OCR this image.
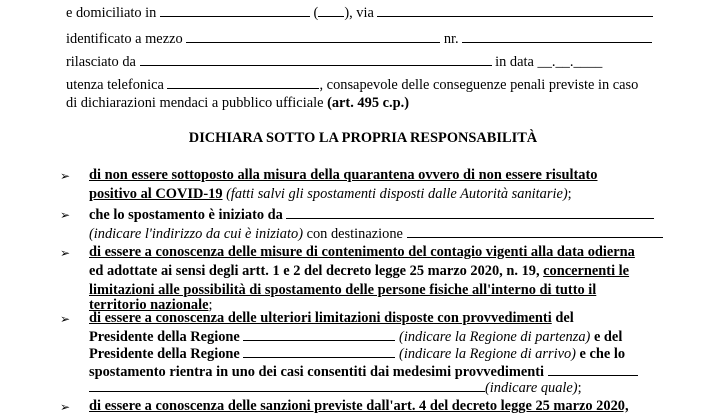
e domiciliato in	( ), via
identificato a mezzo	nr.
rilasciato da	in data __.__.____
utenza telefonica	, consapevole delle conseguenze penali previste in caso
di dichiarazioni mendaci a pubblico ufficiale (art. 495 c.p.)
DICHIARA SOTTO LA PROPRIA RESPONSABILITÀ
➢ di non essere sottoposto alla misura della quarantena ovvero di non essere risultato
positivo al COVID-19 (fatti salvi gli spostamenti disposti dalle Autorità sanitarie);
➢ che lo spostamento è iniziato da
(indicare l'indirizzo da cui è iniziato) con destinazione
➢ di essere a conoscenza delle misure di contenimento del contagio vigenti alla data odierna
ed adottate ai sensi degli artt. 1 e 2 del decreto legge 25 marzo 2020, n. 19, concernenti le
limitazioni alle possibilità di spostamento delle persone fisiche all'interno di tutto il
territorio nazionale;
➢ di essere a conoscenza delle ulteriori limitazioni disposte con provvedimenti del
Presidente della Regione	(indicare la Regione di partenza) e del
Presidente della Regione	(indicare la Regione di arrivo) e che lo
spostamento rientra in uno dei casi consentiti dai medesimi provvedimenti
(indicare quale);
➢ di essere a conoscenza delle sanzioni previste dall'art. 4 del decreto legge 25 marzo 2020,
